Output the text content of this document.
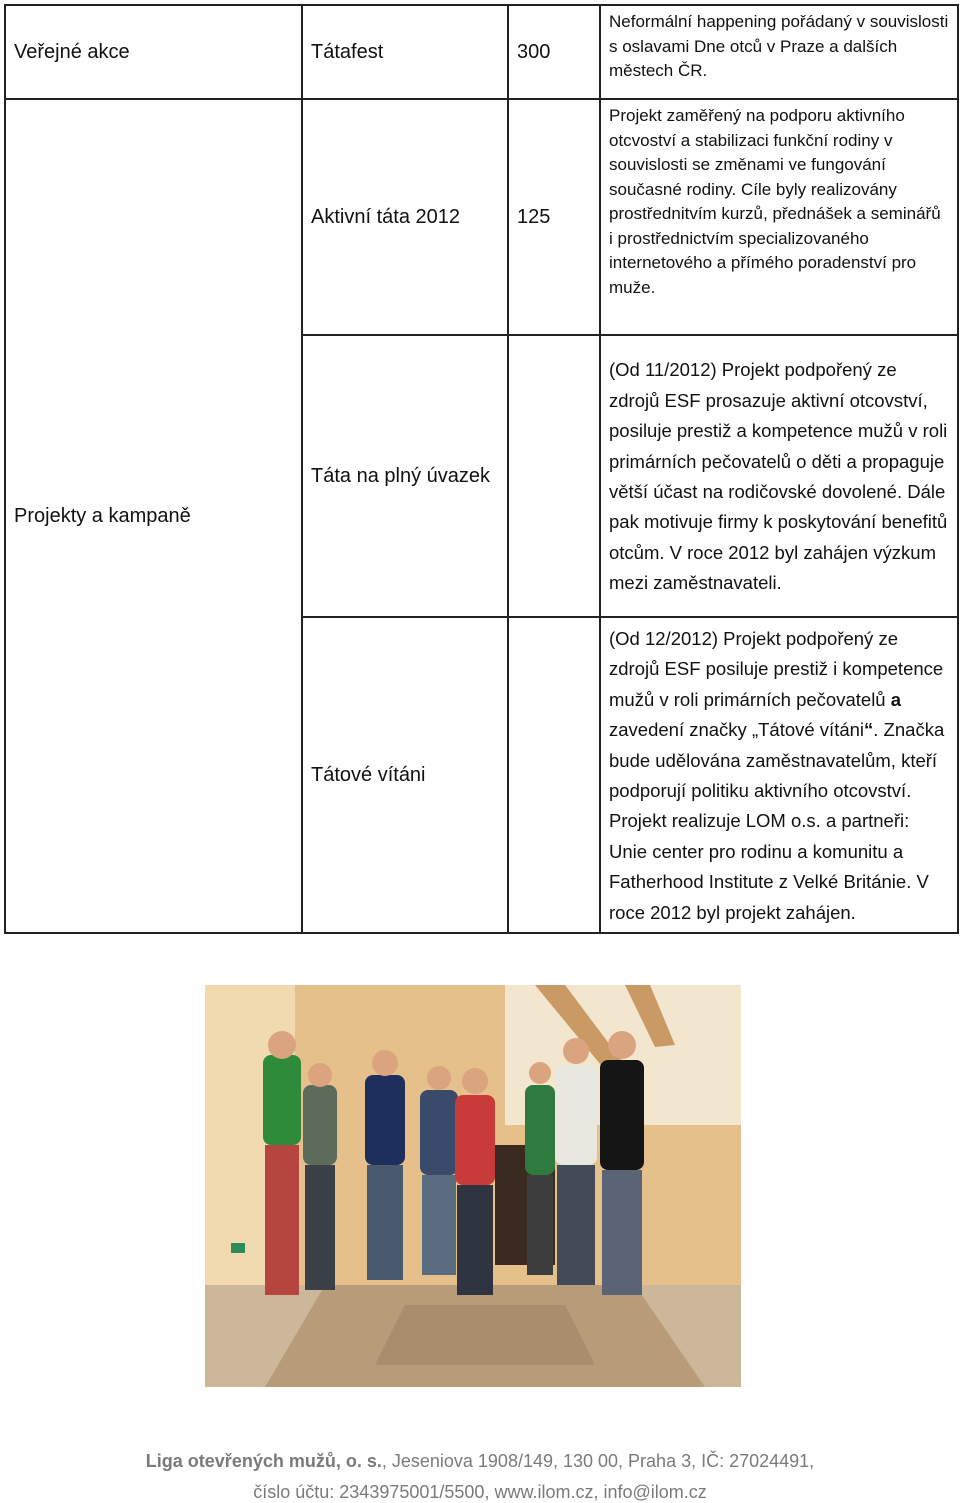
Veřejné akce	Tátafest	300	Neformální happening pořádaný v souvislosti s oslavami Dne otců v Praze a dalších městech ČR.
Projekty a kampaně	Aktivní táta 2012	125	Projekt zaměřený na podporu aktivního otcvoství a stabilizaci funkční rodiny v souvislosti se změnami ve fungování současné rodiny. Cíle byly realizovány prostřednitvím kurzů, přednášek a seminářů i prostřednictvím specializovaného internetového a přímého poradenství pro muže.
	Táta na plný úvazek		(Od 11/2012) Projekt podpořený ze zdrojů ESF prosazuje aktivní otcovství, posiluje prestiž a kompetence mužů v roli primárních pečovatelů o děti a propaguje větší účast na rodičovské dovolené. Dále pak motivuje firmy k poskytování benefitů otcům. V roce 2012 byl zahájen výzkum mezi zaměstnavateli.
	Tátové vítáni		(Od 12/2012) Projekt podpořený ze zdrojů ESF posiluje prestiž i kompetence mužů v roli primárních pečovatelů a zavedení značky „Tátové vítáni“. Značka bude udělována zaměstnavatelům, kteří podporují politiku aktivního otcovství. Projekt realizuje LOM o.s. a partneři: Unie center pro rodinu a komunitu a Fatherhood Institute z Velké Británie. V roce 2012 byl projekt zahájen.
Liga otevřených mužů, o. s., Jeseniova 1908/149, 130 00, Praha 3, IČ: 27024491,
číslo účtu: 2343975001/5500, www.ilom.cz, info@ilom.cz
